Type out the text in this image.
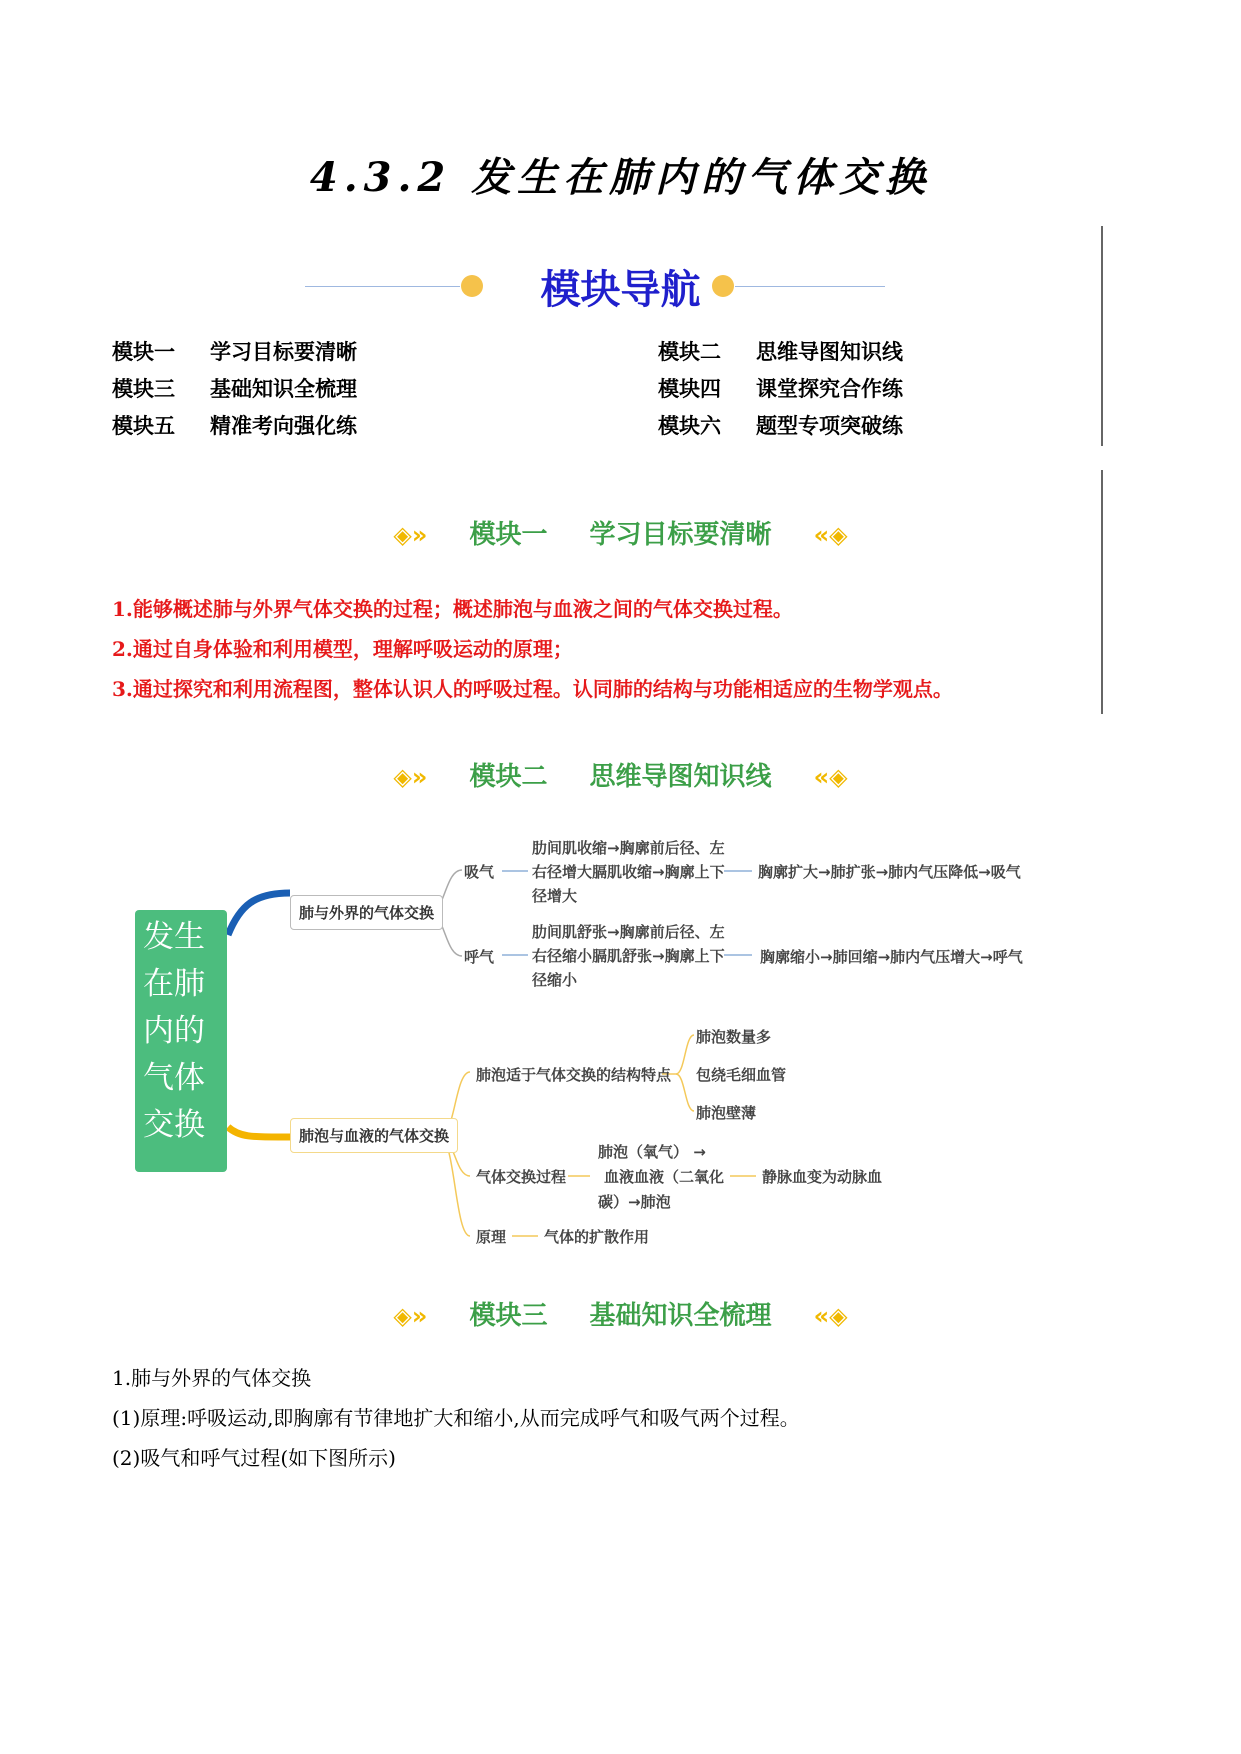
4.3.2 发生在肺内的气体交换
模块导航
模块一 学习目标要清晰	模块二 思维导图知识线
模块三 基础知识全梳理	模块四 课堂探究合作练
模块五 精准考向强化练	模块六 题型专项突破练
◈» 模块一 学习目标要清晰 «◈
1.能够概述肺与外界气体交换的过程；概述肺泡与血液之间的气体交换过程。
2.通过自身体验和利用模型，理解呼吸运动的原理；
3.通过探究和利用流程图，整体认识人的呼吸过程。认同肺的结构与功能相适应的生物学观点。
◈» 模块二 思维导图知识线 «◈
发生
在肺
内的
气体
交换
肺与外界的气体交换
吸气
肋间肌收缩→胸廓前后径、左
右径增大膈肌收缩→胸廓上下
径增大
胸廓扩大→肺扩张→肺内气压降低→吸气
呼气
肋间肌舒张→胸廓前后径、左
右径缩小膈肌舒张→胸廓上下
径缩小
胸廓缩小→肺回缩→肺内气压增大→呼气
肺泡与血液的气体交换
肺泡适于气体交换的结构特点
肺泡数量多
包绕毛细血管
肺泡壁薄
气体交换过程
肺泡（氧气） →
血液血液（二氧化
碳）→肺泡
静脉血变为动脉血
原理	气体的扩散作用
◈» 模块三 基础知识全梳理 «◈
1.肺与外界的气体交换
(1)原理:呼吸运动,即胸廓有节律地扩大和缩小,从而完成呼气和吸气两个过程。
(2)吸气和呼气过程(如下图所示)
